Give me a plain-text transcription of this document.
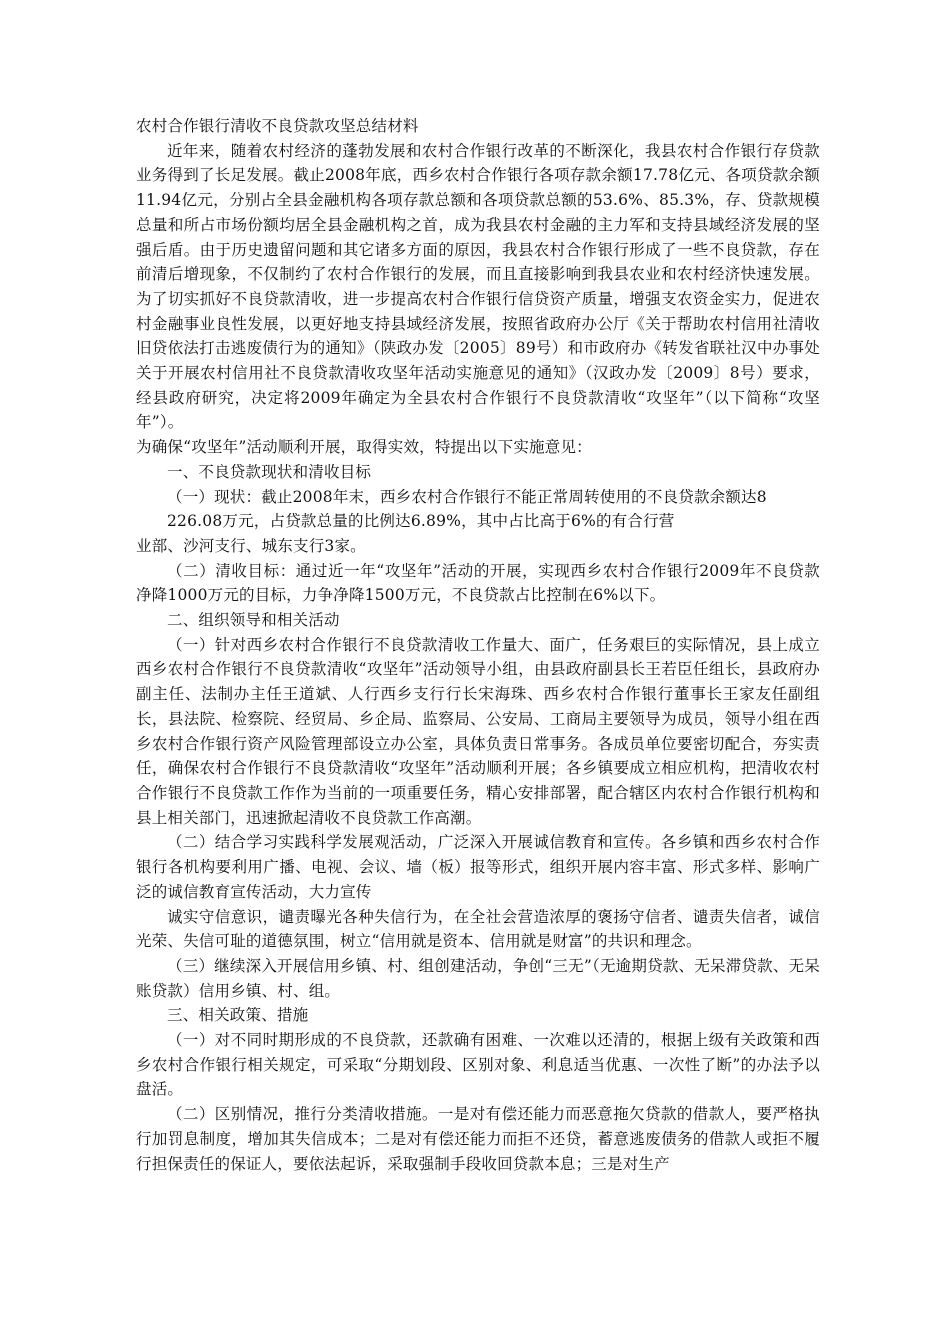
农村合作银行清收不良贷款攻坚总结材料

近年来，随着农村经济的蓬勃发展和农村合作银行改革的不断深化，我县农村合作银行存贷款业务得到了长足发展。截止2008年底，西乡农村合作银行各项存款余额17.78亿元、各项贷款余额11.94亿元，分别占全县金融机构各项存款总额和各项贷款总额的53.6%、85.3%，存、贷款规模总量和所占市场份额均居全县金融机构之首，成为我县农村金融的主力军和支持县域经济发展的坚强后盾。由于历史遗留问题和其它诸多方面的原因，我县农村合作银行形成了一些不良贷款，存在前清后增现象，不仅制约了农村合作银行的发展，而且直接影响到我县农业和农村经济快速发展。为了切实抓好不良贷款清收，进一步提高农村合作银行信贷资产质量，增强支农资金实力，促进农村金融事业良性发展，以更好地支持县域经济发展，按照省政府办公厅《关于帮助农村信用社清收旧贷依法打击逃废债行为的通知》（陕政办发〔2005〕89号）和市政府办《转发省联社汉中办事处关于开展农村信用社不良贷款清收攻坚年活动实施意见的通知》（汉政办发〔2009〕8号）要求，经县政府研究，决定将2009年确定为全县农村合作银行不良贷款清收“攻坚年”（以下简称“攻坚年”）。

为确保“攻坚年”活动顺利开展，取得实效，特提出以下实施意见：

一、不良贷款现状和清收目标

（一）现状：截止2008年末，西乡农村合作银行不能正常周转使用的不良贷款余额达8

226.08万元，占贷款总量的比例达6.89%，其中占比高于6%的有合行营

业部、沙河支行、城东支行3家。

（二）清收目标：通过近一年“攻坚年”活动的开展，实现西乡农村合作银行2009年不良贷款净降1000万元的目标，力争净降1500万元，不良贷款占比控制在6%以下。

二、组织领导和相关活动

（一）针对西乡农村合作银行不良贷款清收工作量大、面广，任务艰巨的实际情况，县上成立西乡农村合作银行不良贷款清收“攻坚年”活动领导小组，由县政府副县长王若臣任组长，县政府办副主任、法制办主任王道斌、人行西乡支行行长宋海珠、西乡农村合作银行董事长王家友任副组长，县法院、检察院、经贸局、乡企局、监察局、公安局、工商局主要领导为成员，领导小组在西乡农村合作银行资产风险管理部设立办公室，具体负责日常事务。各成员单位要密切配合，夯实责任，确保农村合作银行不良贷款清收“攻坚年”活动顺利开展；各乡镇要成立相应机构，把清收农村合作银行不良贷款工作作为当前的一项重要任务，精心安排部署，配合辖区内农村合作银行机构和县上相关部门，迅速掀起清收不良贷款工作高潮。

（二）结合学习实践科学发展观活动，广泛深入开展诚信教育和宣传。各乡镇和西乡农村合作银行各机构要利用广播、电视、会议、墙（板）报等形式，组织开展内容丰富、形式多样、影响广泛的诚信教育宣传活动，大力宣传

诚实守信意识，谴责曝光各种失信行为，在全社会营造浓厚的褒扬守信者、谴责失信者，诚信光荣、失信可耻的道德氛围，树立“信用就是资本、信用就是财富”的共识和理念。

（三）继续深入开展信用乡镇、村、组创建活动，争创“三无”（无逾期贷款、无呆滞贷款、无呆账贷款）信用乡镇、村、组。

三、相关政策、措施

（一）对不同时期形成的不良贷款，还款确有困难、一次难以还清的，根据上级有关政策和西乡农村合作银行相关规定，可采取“分期划段、区别对象、利息适当优惠、一次性了断”的办法予以盘活。

（二）区别情况，推行分类清收措施。一是对有偿还能力而恶意拖欠贷款的借款人，要严格执行加罚息制度，增加其失信成本；二是对有偿还能力而拒不还贷，蓄意逃废债务的借款人或拒不履行担保责任的保证人，要依法起诉，采取强制手段收回贷款本息；三是对生产
